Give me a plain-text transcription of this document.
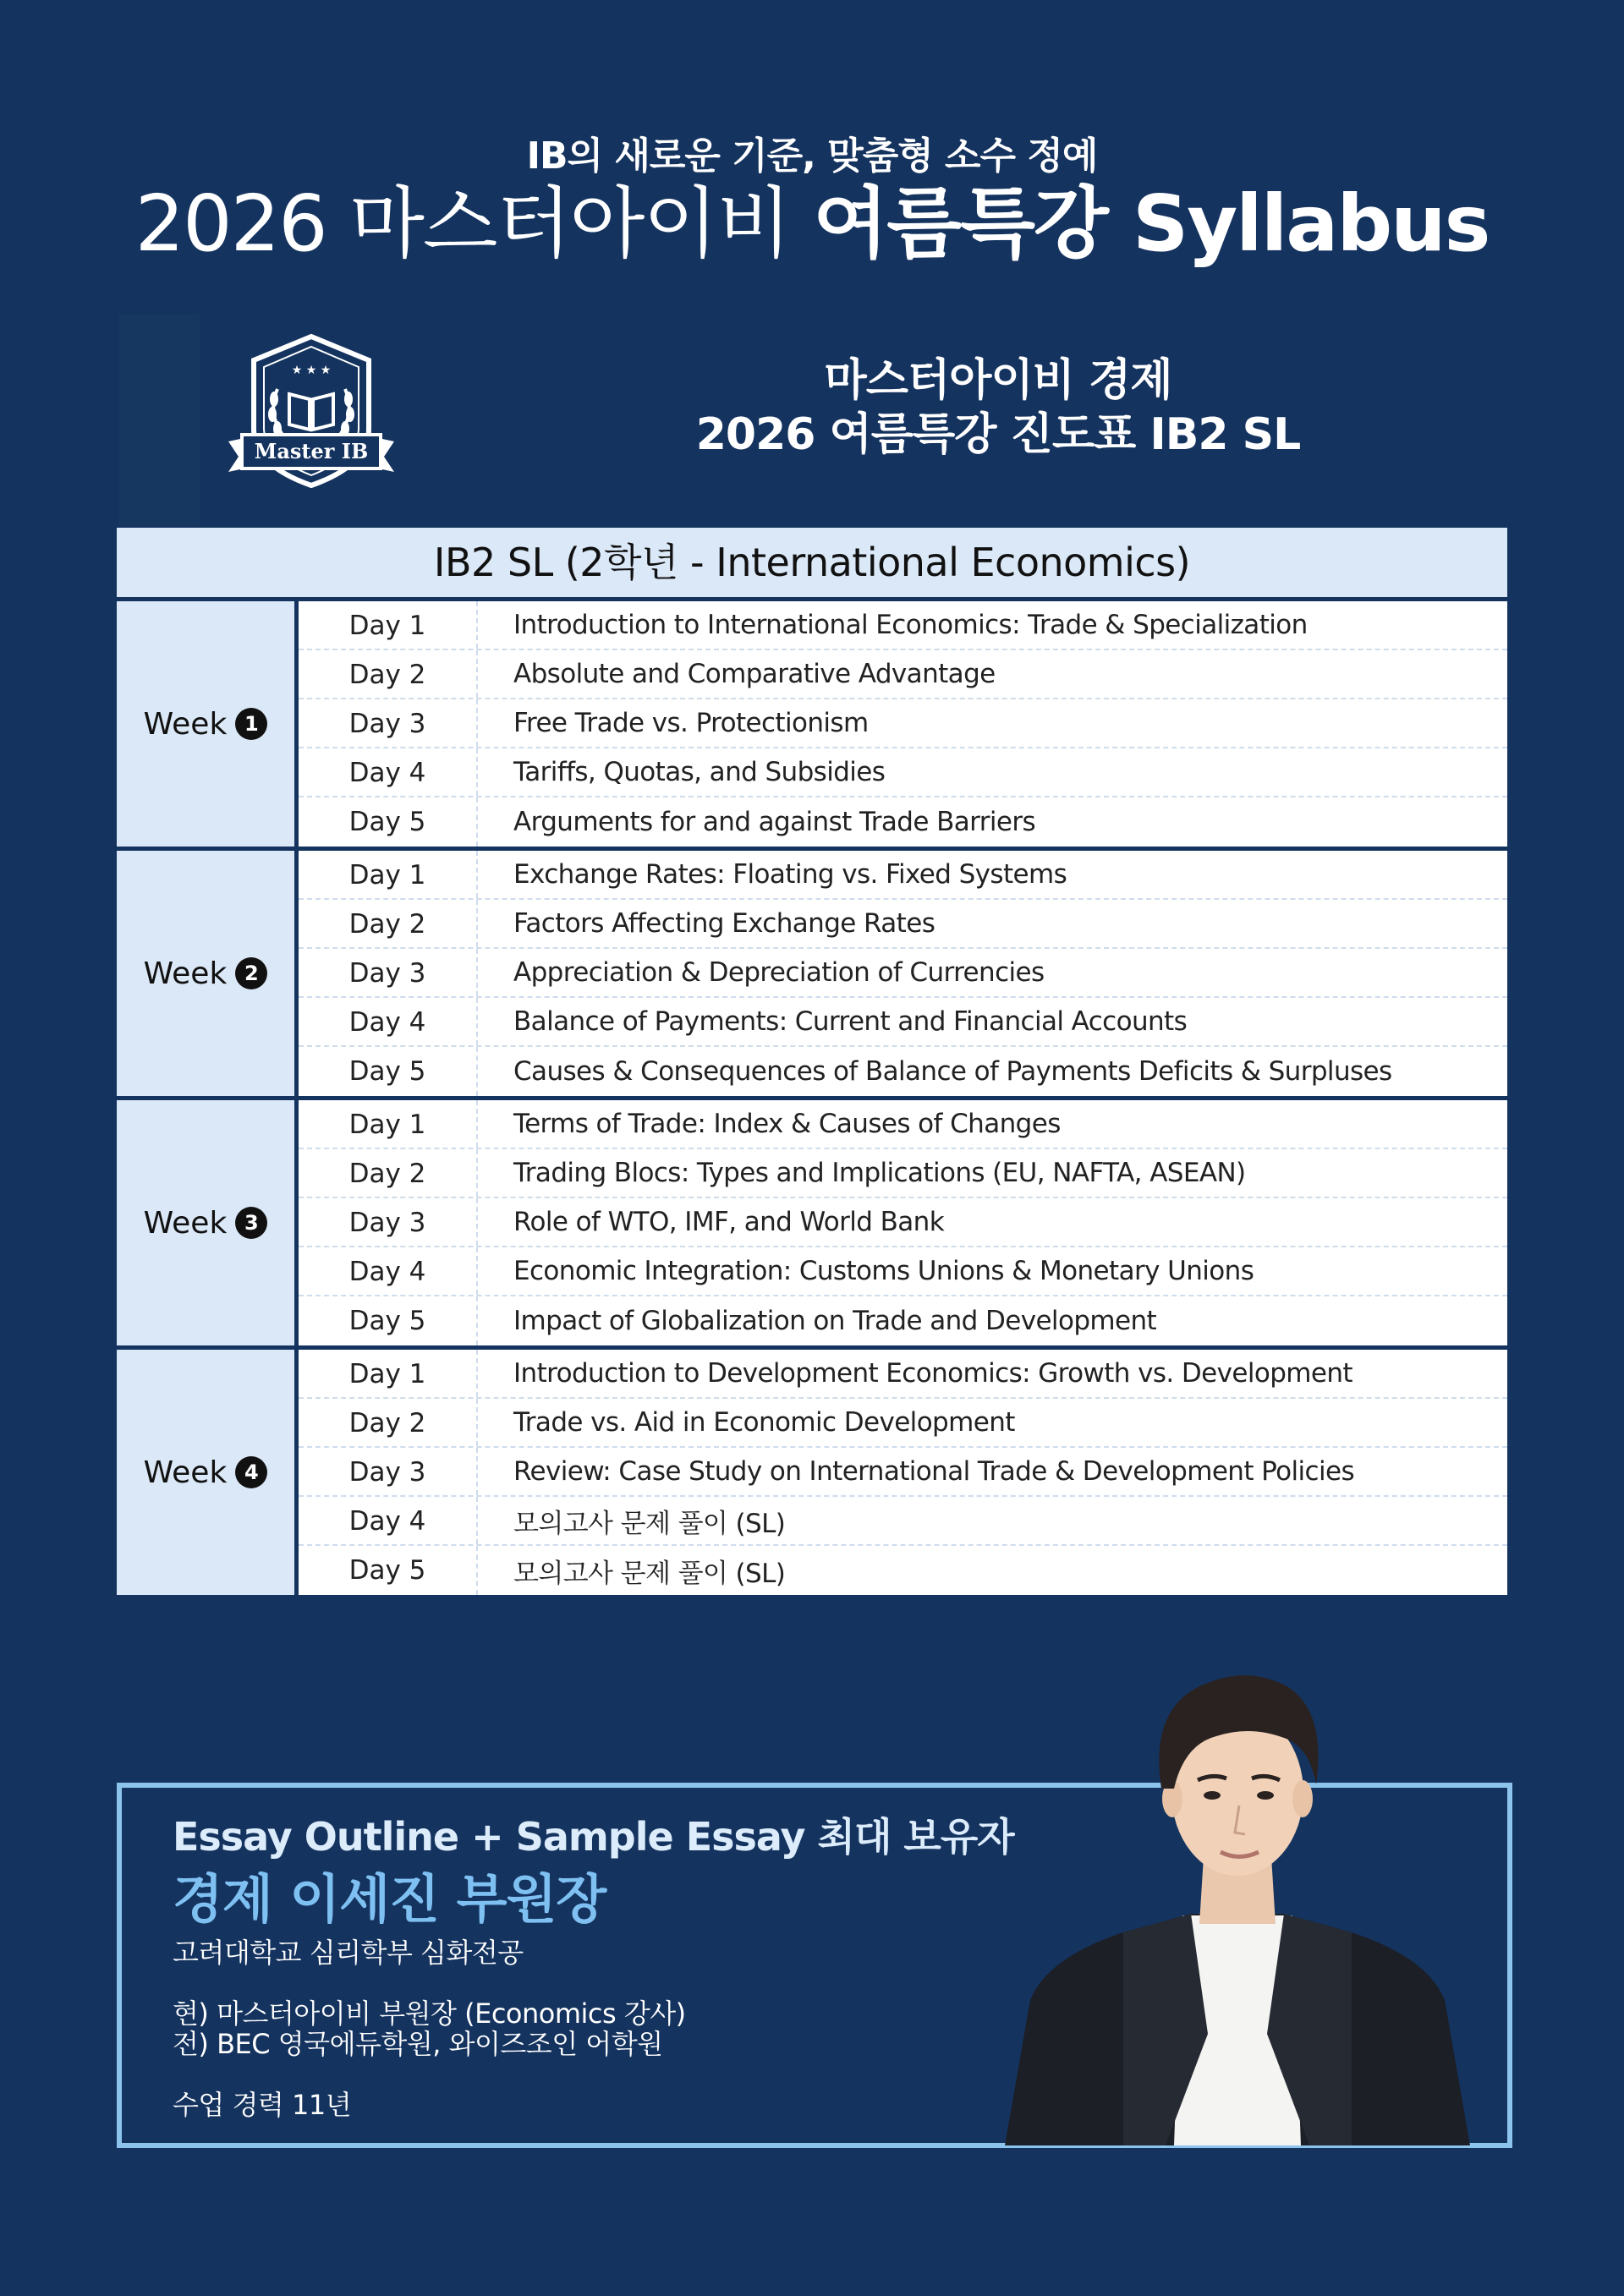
IB의 새로운 기준, 맞춤형 소수 정예
2026 마스터아이비 여름특강 Syllabus
★ ★ ★
Master IB
마스터아이비 경제
2026 여름특강 진도표 IB2 SL
IB2 SL (2학년 - International Economics)
Week 1
Day 1	Introduction to International Economics: Trade & Specialization
Day 2	Absolute and Comparative Advantage
Day 3	Free Trade vs. Protectionism
Day 4	Tariffs, Quotas, and Subsidies
Day 5	Arguments for and against Trade Barriers
Week 2
Day 1	Exchange Rates: Floating vs. Fixed Systems
Day 2	Factors Affecting Exchange Rates
Day 3	Appreciation & Depreciation of Currencies
Day 4	Balance of Payments: Current and Financial Accounts
Day 5	Causes & Consequences of Balance of Payments Deficits & Surpluses
Week 3
Day 1	Terms of Trade: Index & Causes of Changes
Day 2	Trading Blocs: Types and Implications (EU, NAFTA, ASEAN)
Day 3	Role of WTO, IMF, and World Bank
Day 4	Economic Integration: Customs Unions & Monetary Unions
Day 5	Impact of Globalization on Trade and Development
Week 4
Day 1	Introduction to Development Economics: Growth vs. Development
Day 2	Trade vs. Aid in Economic Development
Day 3	Review: Case Study on International Trade & Development Policies
Day 4	모의고사 문제 풀이 (SL)
Day 5	모의고사 문제 풀이 (SL)
Essay Outline + Sample Essay 최대 보유자
경제 이세진 부원장
고려대학교 심리학부 심화전공
현) 마스터아이비 부원장 (Economics 강사)
전) BEC 영국에듀학원, 와이즈조인 어학원
수업 경력 11년
